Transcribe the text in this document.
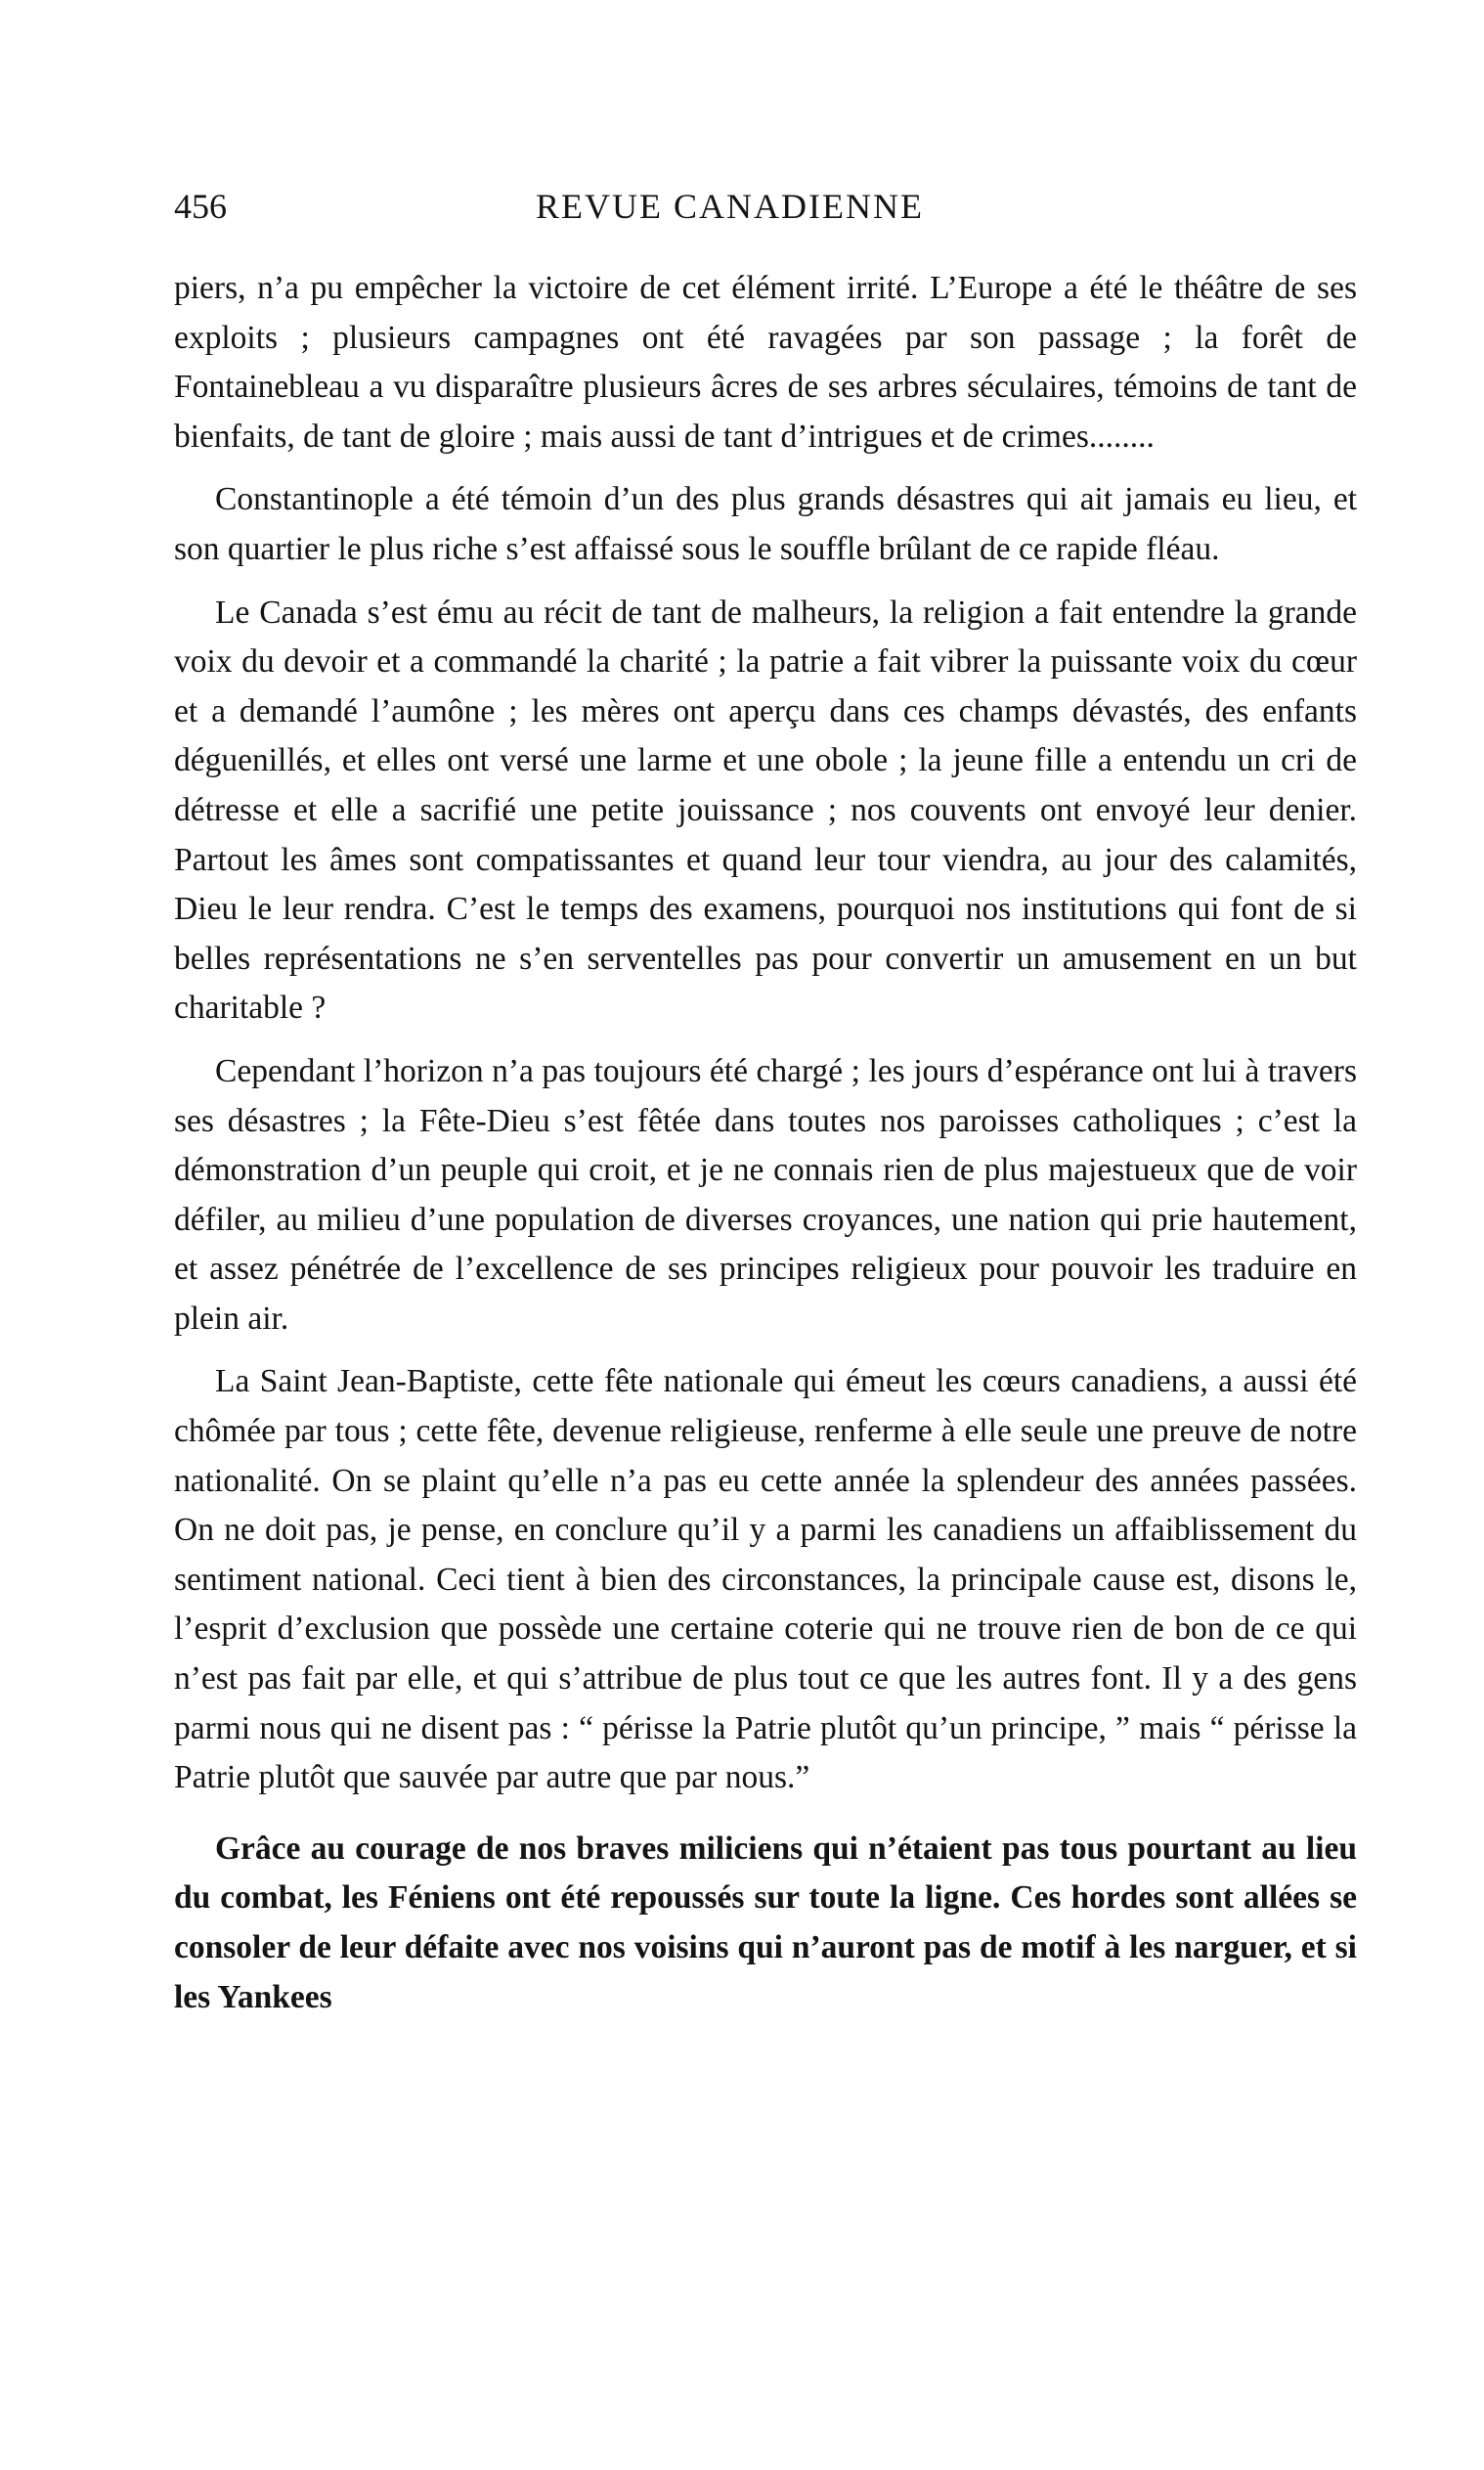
456	REVUE CANADIENNE

piers, n’a pu empêcher la victoire de cet élément irrité. L’Europe a été le théâtre de ses exploits ; plusieurs campagnes ont été ravagées par son passage ; la forêt de Fontainebleau a vu disparaître plusieurs âcres de ses arbres séculaires, témoins de tant de bienfaits, de tant de gloire ; mais aussi de tant d’intrigues et de crimes........

Constantinople a été témoin d’un des plus grands désastres qui ait jamais eu lieu, et son quartier le plus riche s’est affaissé sous le souffle brûlant de ce rapide fléau.

Le Canada s’est ému au récit de tant de malheurs, la religion a fait entendre la grande voix du devoir et a commandé la charité ; la patrie a fait vibrer la puissante voix du cœur et a demandé l’aumône ; les mères ont aperçu dans ces champs dévastés, des enfants déguenillés, et elles ont versé une larme et une obole ; la jeune fille a entendu un cri de détresse et elle a sacrifié une petite jouissance ; nos couvents ont envoyé leur denier. Partout les âmes sont compatissantes et quand leur tour viendra, au jour des calamités, Dieu le leur rendra. C’est le temps des examens, pourquoi nos institutions qui font de si belles représentations ne s’en serventelles pas pour convertir un amusement en un but charitable ?

Cependant l’horizon n’a pas toujours été chargé ; les jours d’espérance ont lui à travers ses désastres ; la Fête-Dieu s’est fêtée dans toutes nos paroisses catholiques ; c’est la démonstration d’un peuple qui croit, et je ne connais rien de plus majestueux que de voir défiler, au milieu d’une population de diverses croyances, une nation qui prie hautement, et assez pénétrée de l’excellence de ses principes religieux pour pouvoir les traduire en plein air.

La Saint Jean-Baptiste, cette fête nationale qui émeut les cœurs canadiens, a aussi été chômée par tous ; cette fête, devenue religieuse, renferme à elle seule une preuve de notre nationalité. On se plaint qu’elle n’a pas eu cette année la splendeur des années passées. On ne doit pas, je pense, en conclure qu’il y a parmi les canadiens un affaiblissement du sentiment national. Ceci tient à bien des circonstances, la principale cause est, disons le, l’esprit d’exclusion que possède une certaine coterie qui ne trouve rien de bon de ce qui n’est pas fait par elle, et qui s’attribue de plus tout ce que les autres font. Il y a des gens parmi nous qui ne disent pas : “ périsse la Patrie plutôt qu’un principe, ” mais “ périsse la Patrie plutôt que sauvée par autre que par nous.”

Grâce au courage de nos braves miliciens qui n’étaient pas tous pourtant au lieu du combat, les Féniens ont été repoussés sur toute la ligne. Ces hordes sont allées se consoler de leur défaite avec nos voisins qui n’auront pas de motif à les narguer, et si les Yankees
